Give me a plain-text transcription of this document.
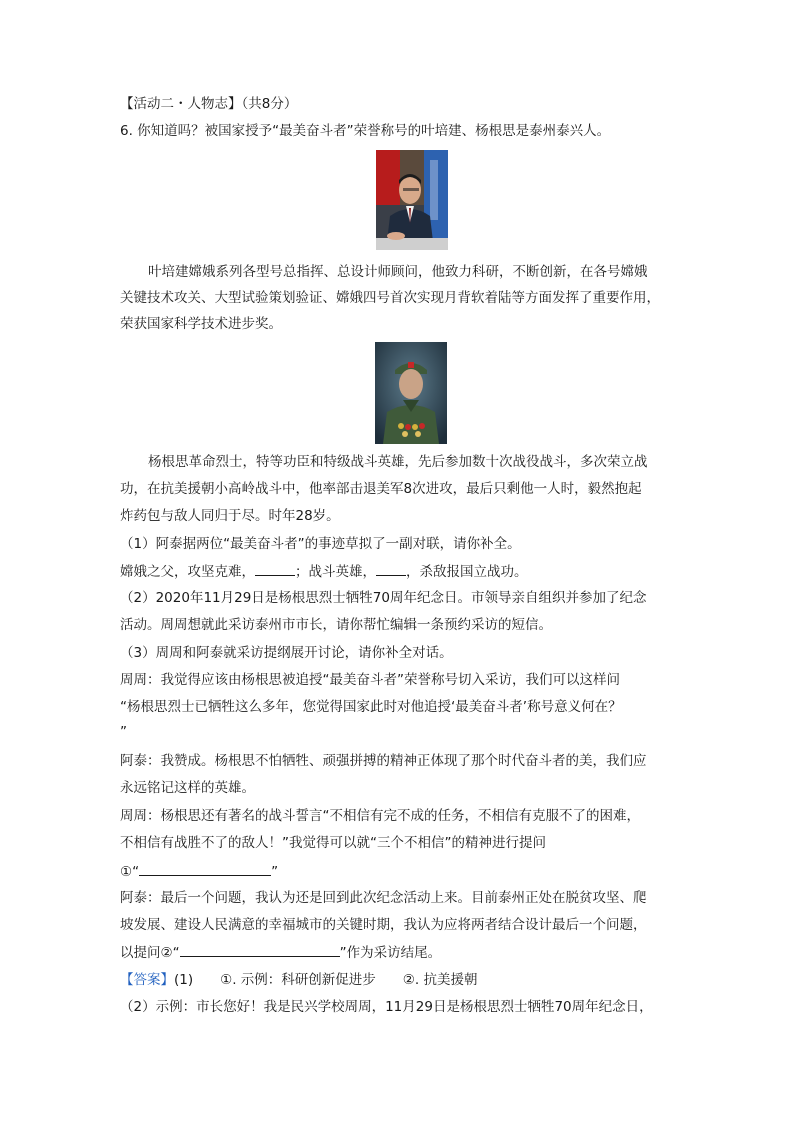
【活动二・人物志】（共8分）
6. 你知道吗？被国家授予“最美奋斗者”荣誉称号的叶培建、杨根思是泰州泰兴人。
叶培建嫦娥系列各型号总指挥、总设计师顾问，他致力科研，不断创新，在各号嫦娥
关键技术攻关、大型试验策划验证、嫦娥四号首次实现月背软着陆等方面发挥了重要作用，
荣获国家科学技术进步奖。
杨根思革命烈士，特等功臣和特级战斗英雄，先后参加数十次战役战斗，多次荣立战
功，在抗美援朝小高岭战斗中，他率部击退美军8次进攻，最后只剩他一人时，毅然抱起
炸药包与敌人同归于尽。时年28岁。
（1）阿泰据两位“最美奋斗者”的事迹草拟了一副对联，请你补全。
嫦娥之父，攻坚克难，	；战斗英雄， ，杀敌报国立战功。
（2）2020年11月29日是杨根思烈士牺牲70周年纪念日。市领导亲自组织并参加了纪念
活动。周周想就此采访泰州市市长，请你帮忙编辑一条预约采访的短信。
（3）周周和阿泰就采访提纲展开讨论，请你补全对话。
周周：我觉得应该由杨根思被追授“最美奋斗者”荣誉称号切入采访，我们可以这样问
“杨根思烈士已牺牲这么多年，您觉得国家此时对他追授‘最美奋斗者’称号意义何在？
”
阿泰：我赞成。杨根思不怕牺牲、顽强拼搏的精神正体现了那个时代奋斗者的美，我们应
永远铭记这样的英雄。
周周：杨根思还有著名的战斗誓言“不相信有完不成的任务，不相信有克服不了的困难，
不相信有战胜不了的敌人！”我觉得可以就“三个不相信”的精神进行提问
①“	”
阿泰：最后一个问题，我认为还是回到此次纪念活动上来。目前泰州正处在脱贫攻坚、爬
坡发展、建设人民满意的幸福城市的关键时期，我认为应将两者结合设计最后一个问题，
以提问②“	”作为采访结尾。
【答案】(1)　　①. 示例：科研创新促进步　　②. 抗美援朝
（2）示例：市长您好！我是民兴学校周周，11月29日是杨根思烈士牺牲70周年纪念日，
